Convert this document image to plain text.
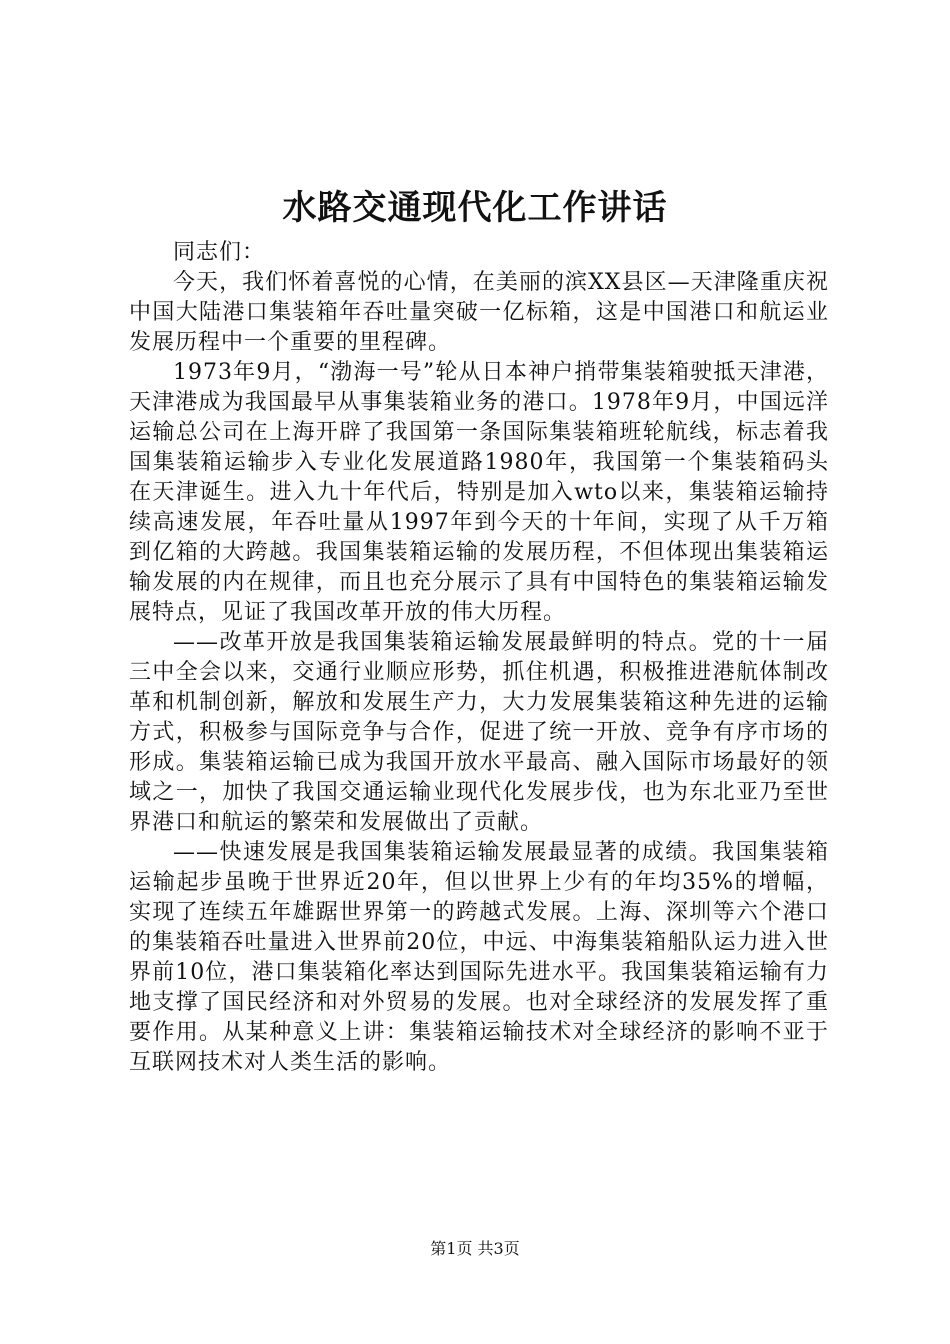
水路交通现代化工作讲话

同志们：

今天，我们怀着喜悦的心情，在美丽的滨XX县区—天津隆重庆祝中国大陆港口集装箱年吞吐量突破一亿标箱，这是中国港口和航运业发展历程中一个重要的里程碑。

1973年9月，“渤海一号”轮从日本神户捎带集装箱驶抵天津港，天津港成为我国最早从事集装箱业务的港口。1978年9月，中国远洋运输总公司在上海开辟了我国第一条国际集装箱班轮航线，标志着我国集装箱运输步入专业化发展道路1980年，我国第一个集装箱码头在天津诞生。进入九十年代后，特别是加入wto以来，集装箱运输持续高速发展，年吞吐量从1997年到今天的十年间，实现了从千万箱到亿箱的大跨越。我国集装箱运输的发展历程，不但体现出集装箱运输发展的内在规律，而且也充分展示了具有中国特色的集装箱运输发展特点，见证了我国改革开放的伟大历程。

——改革开放是我国集装箱运输发展最鲜明的特点。党的十一届三中全会以来，交通行业顺应形势，抓住机遇，积极推进港航体制改革和机制创新，解放和发展生产力，大力发展集装箱这种先进的运输方式，积极参与国际竞争与合作，促进了统一开放、竞争有序市场的形成。集装箱运输已成为我国开放水平最高、融入国际市场最好的领域之一，加快了我国交通运输业现代化发展步伐，也为东北亚乃至世界港口和航运的繁荣和发展做出了贡献。

——快速发展是我国集装箱运输发展最显著的成绩。我国集装箱运输起步虽晚于世界近20年，但以世界上少有的年均35%的增幅，实现了连续五年雄踞世界第一的跨越式发展。上海、深圳等六个港口的集装箱吞吐量进入世界前20位，中远、中海集装箱船队运力进入世界前10位，港口集装箱化率达到国际先进水平。我国集装箱运输有力地支撑了国民经济和对外贸易的发展。也对全球经济的发展发挥了重要作用。从某种意义上讲：集装箱运输技术对全球经济的影响不亚于互联网技术对人类生活的影响。

第1页 共3页
